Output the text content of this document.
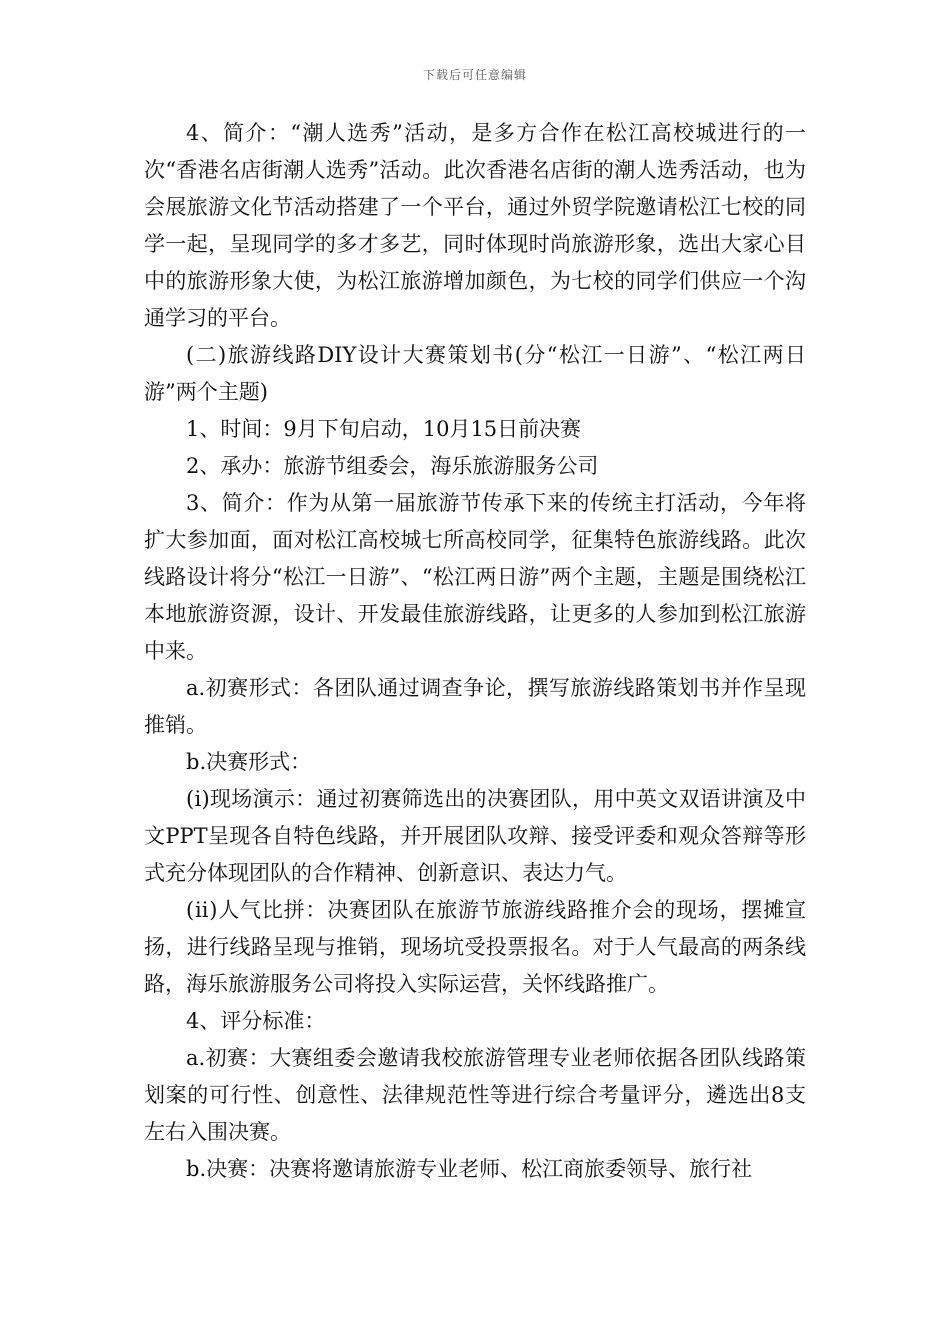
下载后可任意编辑

4、简介：“潮人选秀”活动，是多方合作在松江高校城进行的一次“香港名店街潮人选秀”活动。此次香港名店街的潮人选秀活动，也为会展旅游文化节活动搭建了一个平台，通过外贸学院邀请松江七校的同学一起，呈现同学的多才多艺，同时体现时尚旅游形象，选出大家心目中的旅游形象大使，为松江旅游增加颜色，为七校的同学们供应一个沟通学习的平台。

(二)旅游线路DIY设计大赛策划书(分“松江一日游”、“松江两日游”两个主题)

1、时间：9月下旬启动，10月15日前决赛

2、承办：旅游节组委会，海乐旅游服务公司

3、简介：作为从第一届旅游节传承下来的传统主打活动，今年将扩大参加面，面对松江高校城七所高校同学，征集特色旅游线路。此次线路设计将分“松江一日游”、“松江两日游”两个主题，主题是围绕松江本地旅游资源，设计、开发最佳旅游线路，让更多的人参加到松江旅游中来。

a.初赛形式：各团队通过调查争论，撰写旅游线路策划书并作呈现推销。

b.决赛形式：

(ⅰ)现场演示：通过初赛筛选出的决赛团队，用中英文双语讲演及中文PPT呈现各自特色线路，并开展团队攻辩、接受评委和观众答辩等形式充分体现团队的合作精神、创新意识、表达力气。

(ⅱ)人气比拼：决赛团队在旅游节旅游线路推介会的现场，摆摊宣扬，进行线路呈现与推销，现场坑受投票报名。对于人气最高的两条线路，海乐旅游服务公司将投入实际运营，关怀线路推广。

4、评分标准：

a.初赛：大赛组委会邀请我校旅游管理专业老师依据各团队线路策划案的可行性、创意性、法律规范性等进行综合考量评分，遴选出8支左右入围决赛。

b.决赛：决赛将邀请旅游专业老师、松江商旅委领导、旅行社
